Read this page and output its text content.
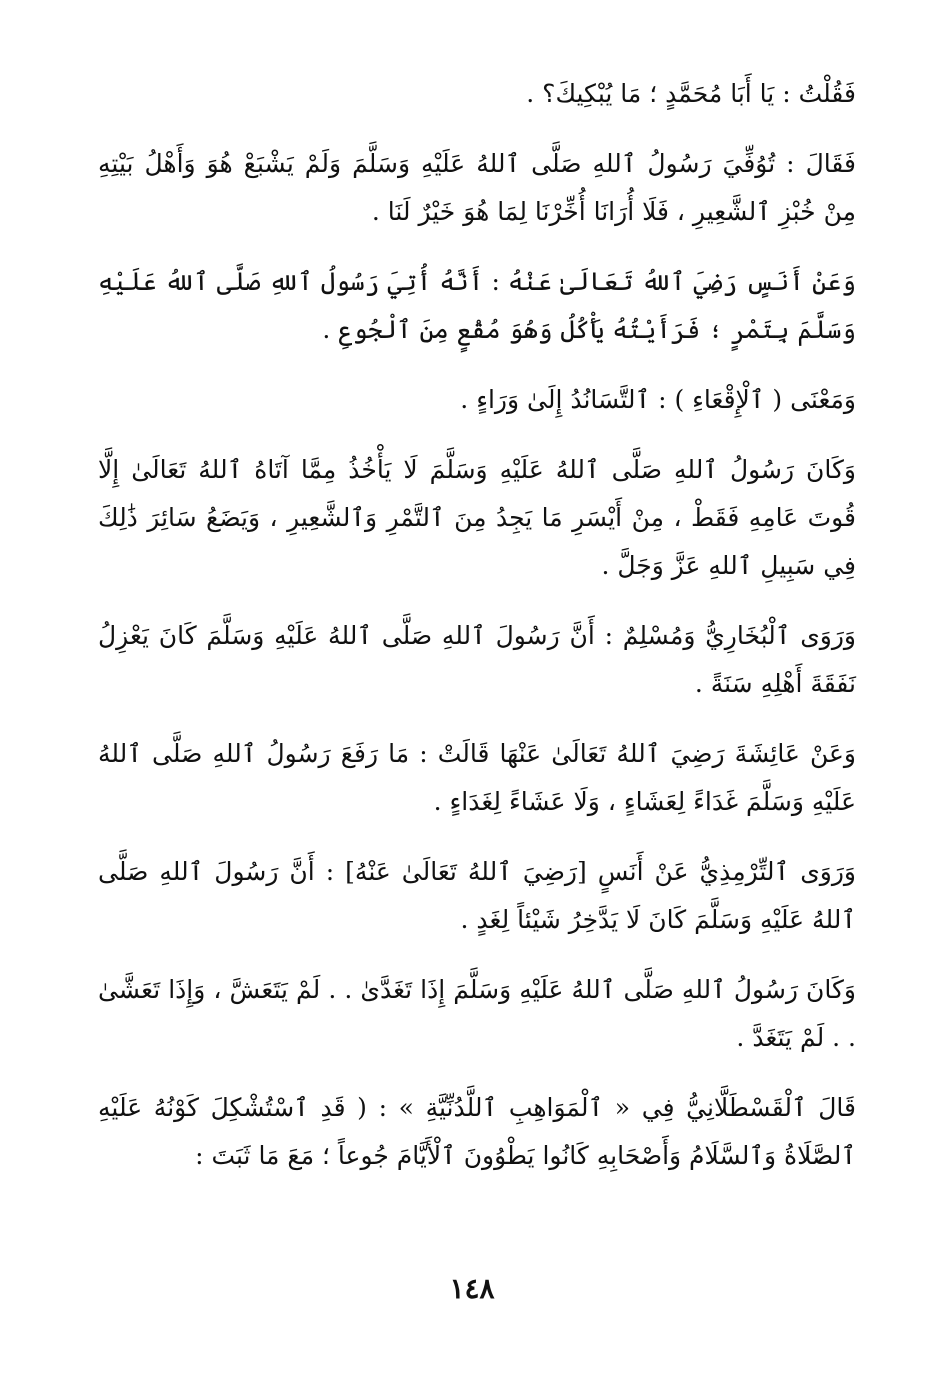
فَقُلْتُ : يَا أَبَا مُحَمَّدٍ ؛ مَا يُبْكِيكَ؟ .

فَقَالَ : تُوُفِّيَ رَسُولُ ٱللهِ صَلَّى ٱللهُ عَلَيْهِ وَسَلَّمَ وَلَمْ يَشْبَعْ هُوَ وَأَهْلُ بَيْتِهِ مِنْ خُبْزِ ٱلشَّعِيرِ ، فَلَا أُرَانَا أُخِّرْنَا لِمَا هُوَ خَيْرٌ لَنَا .

وَعَنْ أَنَسٍ رَضِيَ ٱللهُ تَعَالَىٰ عَنْهُ : أَنَّهُ أُتِيَ رَسُولُ ٱللهِ صَلَّى ٱللهُ عَلَيْهِ وَسَلَّمَ بِتَمْرٍ ؛ فَرَأَيْتُهُ يَأْكُلُ وَهُوَ مُقْعٍ مِنَ ٱلْجُوعِ .

وَمَعْنَى ( ٱلْإِقْعَاءِ ) : ٱلتَّسَانُدُ إِلَىٰ وَرَاءٍ .

وَكَانَ رَسُولُ ٱللهِ صَلَّى ٱللهُ عَلَيْهِ وَسَلَّمَ لَا يَأْخُذُ مِمَّا آتَاهُ ٱللهُ تَعَالَىٰ إِلَّا قُوتَ عَامِهِ فَقَطْ ، مِنْ أَيْسَرِ مَا يَجِدُ مِنَ ٱلتَّمْرِ وَٱلشَّعِيرِ ، وَيَضَعُ سَائِرَ ذَٰلِكَ فِي سَبِيلِ ٱللهِ عَزَّ وَجَلَّ .

وَرَوَى ٱلْبُخَارِيُّ وَمُسْلِمٌ : أَنَّ رَسُولَ ٱللهِ صَلَّى ٱللهُ عَلَيْهِ وَسَلَّمَ كَانَ يَعْزِلُ نَفَقَةَ أَهْلِهِ سَنَةً .

وَعَنْ عَائِشَةَ رَضِيَ ٱللهُ تَعَالَىٰ عَنْهَا قَالَتْ : مَا رَفَعَ رَسُولُ ٱللهِ صَلَّى ٱللهُ عَلَيْهِ وَسَلَّمَ غَدَاءً لِعَشَاءٍ ، وَلَا عَشَاءً لِغَدَاءٍ .

وَرَوَى ٱلتِّرْمِذِيُّ عَنْ أَنَسٍ [رَضِيَ ٱللهُ تَعَالَىٰ عَنْهُ] : أَنَّ رَسُولَ ٱللهِ صَلَّى ٱللهُ عَلَيْهِ وَسَلَّمَ كَانَ لَا يَدَّخِرُ شَيْئاً لِغَدٍ .

وَكَانَ رَسُولُ ٱللهِ صَلَّى ٱللهُ عَلَيْهِ وَسَلَّمَ إِذَا تَغَدَّىٰ . . لَمْ يَتَعَشَّ ، وَإِذَا تَعَشَّىٰ . . لَمْ يَتَغَدَّ .

قَالَ ٱلْقَسْطَلَّانِيُّ فِي « ٱلْمَوَاهِبِ ٱللَّدُنِّيَّةِ » : ( قَدِ ٱسْتُشْكِلَ كَوْنُهُ عَلَيْهِ ٱلصَّلَاةُ وَٱلسَّلَامُ وَأَصْحَابِهِ كَانُوا يَطْوُونَ ٱلْأَيَّامَ جُوعاً ؛ مَعَ مَا ثَبَتَ :

١٤٨
